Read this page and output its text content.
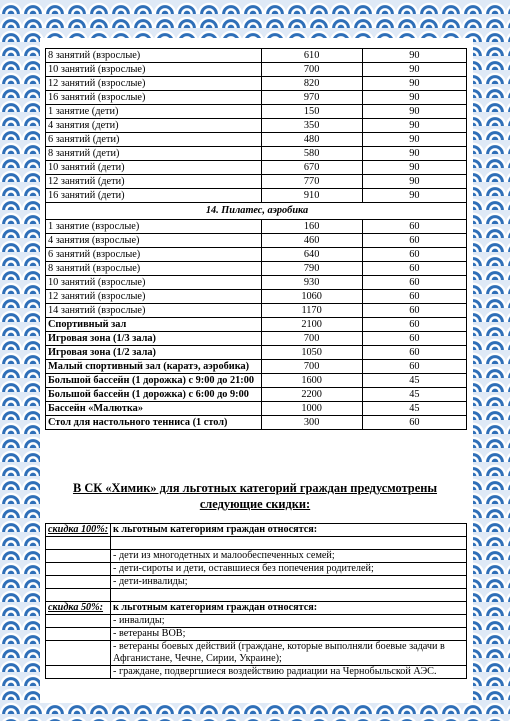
8 занятий (взрослые)	610	90
10 занятий (взрослые)	700	90
12 занятий (взрослые)	820	90
16 занятий (взрослые)	970	90
1 занятие (дети)	150	90
4 занятия (дети)	350	90
6 занятий (дети)	480	90
8 занятий (дети)	580	90
10 занятий (дети)	670	90
12 занятий (дети)	770	90
16 занятий (дети)	910	90
14. Пилатес, аэробика		
1 занятие (взрослые)	160	60
4 занятия (взрослые)	460	60
6 занятий (взрослые)	640	60
8 занятий (взрослые)	790	60
10 занятий (взрослые)	930	60
12 занятий (взрослые)	1060	60
14 занятий (взрослые)	1170	60
Спортивный зал	2100	60
Игровая зона (1/3 зала)	700	60
Игровая зона (1/2 зала)	1050	60
Малый спортивный зал (каратэ, аэробика)	700	60
Большой бассейн (1 дорожка) с 9:00 до 21:00	1600	45
Большой бассейн (1 дорожка) с 6:00 до 9:00	2200	45
Бассейн «Малютка»	1000	45
Стол для настольного тенниса (1 стол)	300	60
В СК «Химик» для льготных категорий граждан предусмотрены
следующие скидки:
скидка 100%:	к льготным категориям граждан относятся:

	- дети из многодетных и малообеспеченных семей;
	- дети-сироты и дети, оставшиеся без попечения родителей;
	- дети-инвалиды;

скидка 50%:	к льготным категориям граждан относятся:
	- инвалиды;
	- ветераны ВОВ;
	- ветераны боевых действий (граждане, которые выполняли боевые задачи в Афганистане, Чечне, Сирии, Украине);
	- граждане, подвергшиеся воздействию радиации на Чернобыльской АЭС.
